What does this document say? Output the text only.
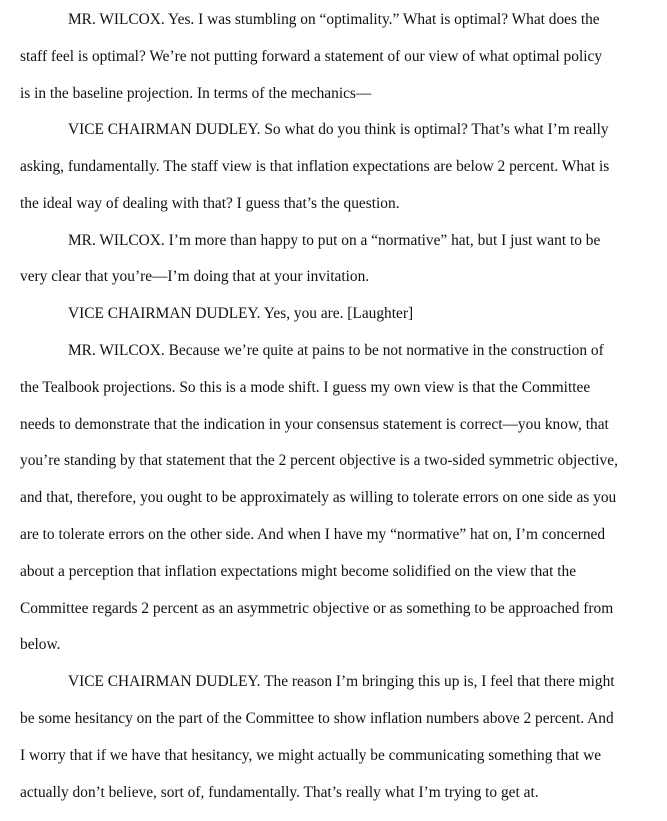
MR. WILCOX. Yes. I was stumbling on “optimality.” What is optimal? What does the
staff feel is optimal? We’re not putting forward a statement of our view of what optimal policy
is in the baseline projection. In terms of the mechanics—
VICE CHAIRMAN DUDLEY. So what do you think is optimal? That’s what I’m really
asking, fundamentally. The staff view is that inflation expectations are below 2 percent. What is
the ideal way of dealing with that? I guess that’s the question.
MR. WILCOX. I’m more than happy to put on a “normative” hat, but I just want to be
very clear that you’re—I’m doing that at your invitation.
VICE CHAIRMAN DUDLEY. Yes, you are. [Laughter]
MR. WILCOX. Because we’re quite at pains to be not normative in the construction of
the Tealbook projections. So this is a mode shift. I guess my own view is that the Committee
needs to demonstrate that the indication in your consensus statement is correct—you know, that
you’re standing by that statement that the 2 percent objective is a two-sided symmetric objective,
and that, therefore, you ought to be approximately as willing to tolerate errors on one side as you
are to tolerate errors on the other side. And when I have my “normative” hat on, I’m concerned
about a perception that inflation expectations might become solidified on the view that the
Committee regards 2 percent as an asymmetric objective or as something to be approached from
below.
VICE CHAIRMAN DUDLEY. The reason I’m bringing this up is, I feel that there might
be some hesitancy on the part of the Committee to show inflation numbers above 2 percent. And
I worry that if we have that hesitancy, we might actually be communicating something that we
actually don’t believe, sort of, fundamentally. That’s really what I’m trying to get at.
